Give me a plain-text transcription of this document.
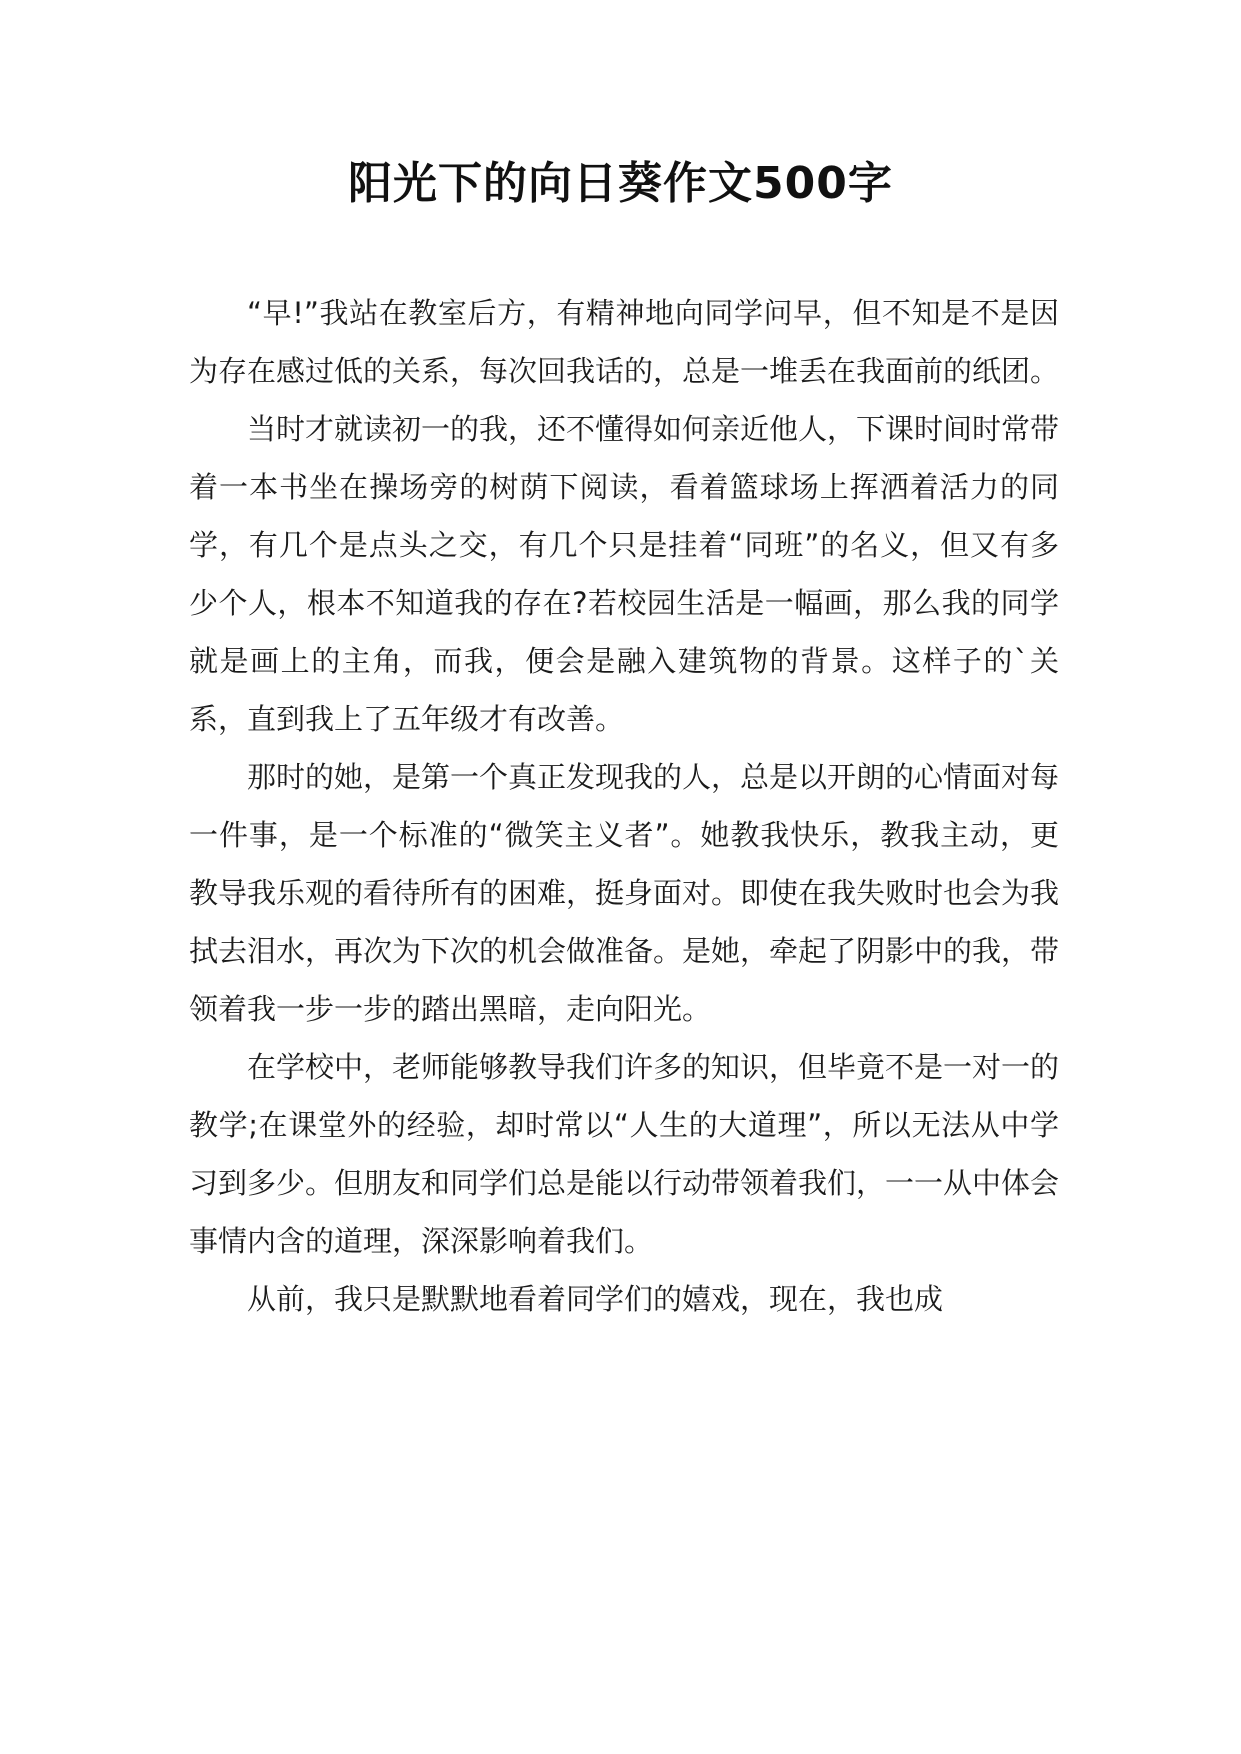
阳光下的向日葵作文500字

“早!”我站在教室后方，有精神地向同学问早，但不知是不是因为存在感过低的关系，每次回我话的，总是一堆丢在我面前的纸团。

当时才就读初一的我，还不懂得如何亲近他人，下课时间时常带着一本书坐在操场旁的树荫下阅读，看着篮球场上挥洒着活力的同学，有几个是点头之交，有几个只是挂着“同班”的名义，但又有多少个人，根本不知道我的存在?若校园生活是一幅画，那么我的同学就是画上的主角，而我，便会是融入建筑物的背景。这样子的`关系，直到我上了五年级才有改善。

那时的她，是第一个真正发现我的人，总是以开朗的心情面对每一件事，是一个标准的“微笑主义者”。她教我快乐，教我主动，更教导我乐观的看待所有的困难，挺身面对。即使在我失败时也会为我拭去泪水，再次为下次的机会做准备。是她，牵起了阴影中的我，带领着我一步一步的踏出黑暗，走向阳光。

在学校中，老师能够教导我们许多的知识，但毕竟不是一对一的教学;在课堂外的经验，却时常以“人生的大道理”，所以无法从中学习到多少。但朋友和同学们总是能以行动带领着我们，一一从中体会事情内含的道理，深深影响着我们。

从前，我只是默默地看着同学们的嬉戏，现在，我也成
